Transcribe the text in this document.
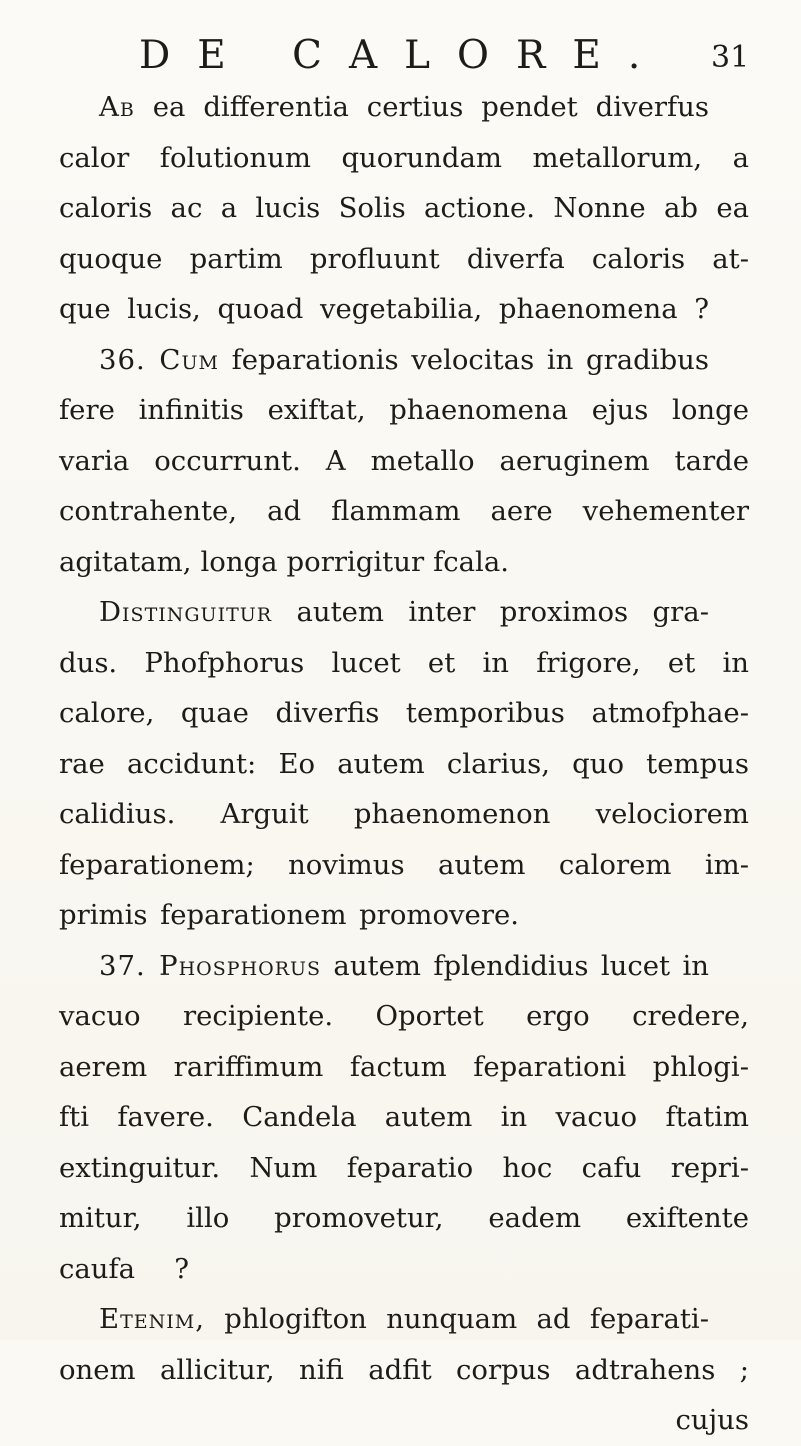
DE CALORE. 31
Ab ea differentia certius pendet diverfus
calor folutionum quorundam metallorum, a
caloris ac a lucis Solis actione. Nonne ab ea
quoque partim profluunt diverfa caloris at-
que lucis, quoad vegetabilia, phaenomena ?
36. Cum feparationis velocitas in gradibus
fere infinitis exiftat, phaenomena ejus longe
varia occurrunt. A metallo aeruginem tarde
contrahente, ad flammam aere vehementer
agitatam, longa porrigitur fcala.
Distinguitur autem inter proximos gra-
dus. Phofphorus lucet et in frigore, et in
calore, quae diverfis temporibus atmofphae-
rae accidunt: Eo autem clarius, quo tempus
calidius. Arguit phaenomenon velociorem
feparationem; novimus autem calorem im-
primis feparationem promovere.
37. Phosphorus autem fplendidius lucet in
vacuo recipiente. Oportet ergo credere,
aerem rariffimum factum feparationi phlogi-
fti favere. Candela autem in vacuo ftatim
extinguitur. Num feparatio hoc cafu repri-
mitur, illo promovetur, eadem exiftente
caufa ?
Etenim, phlogifton nunquam ad feparati-
onem allicitur, nifi adfit corpus adtrahens ;
cujus
